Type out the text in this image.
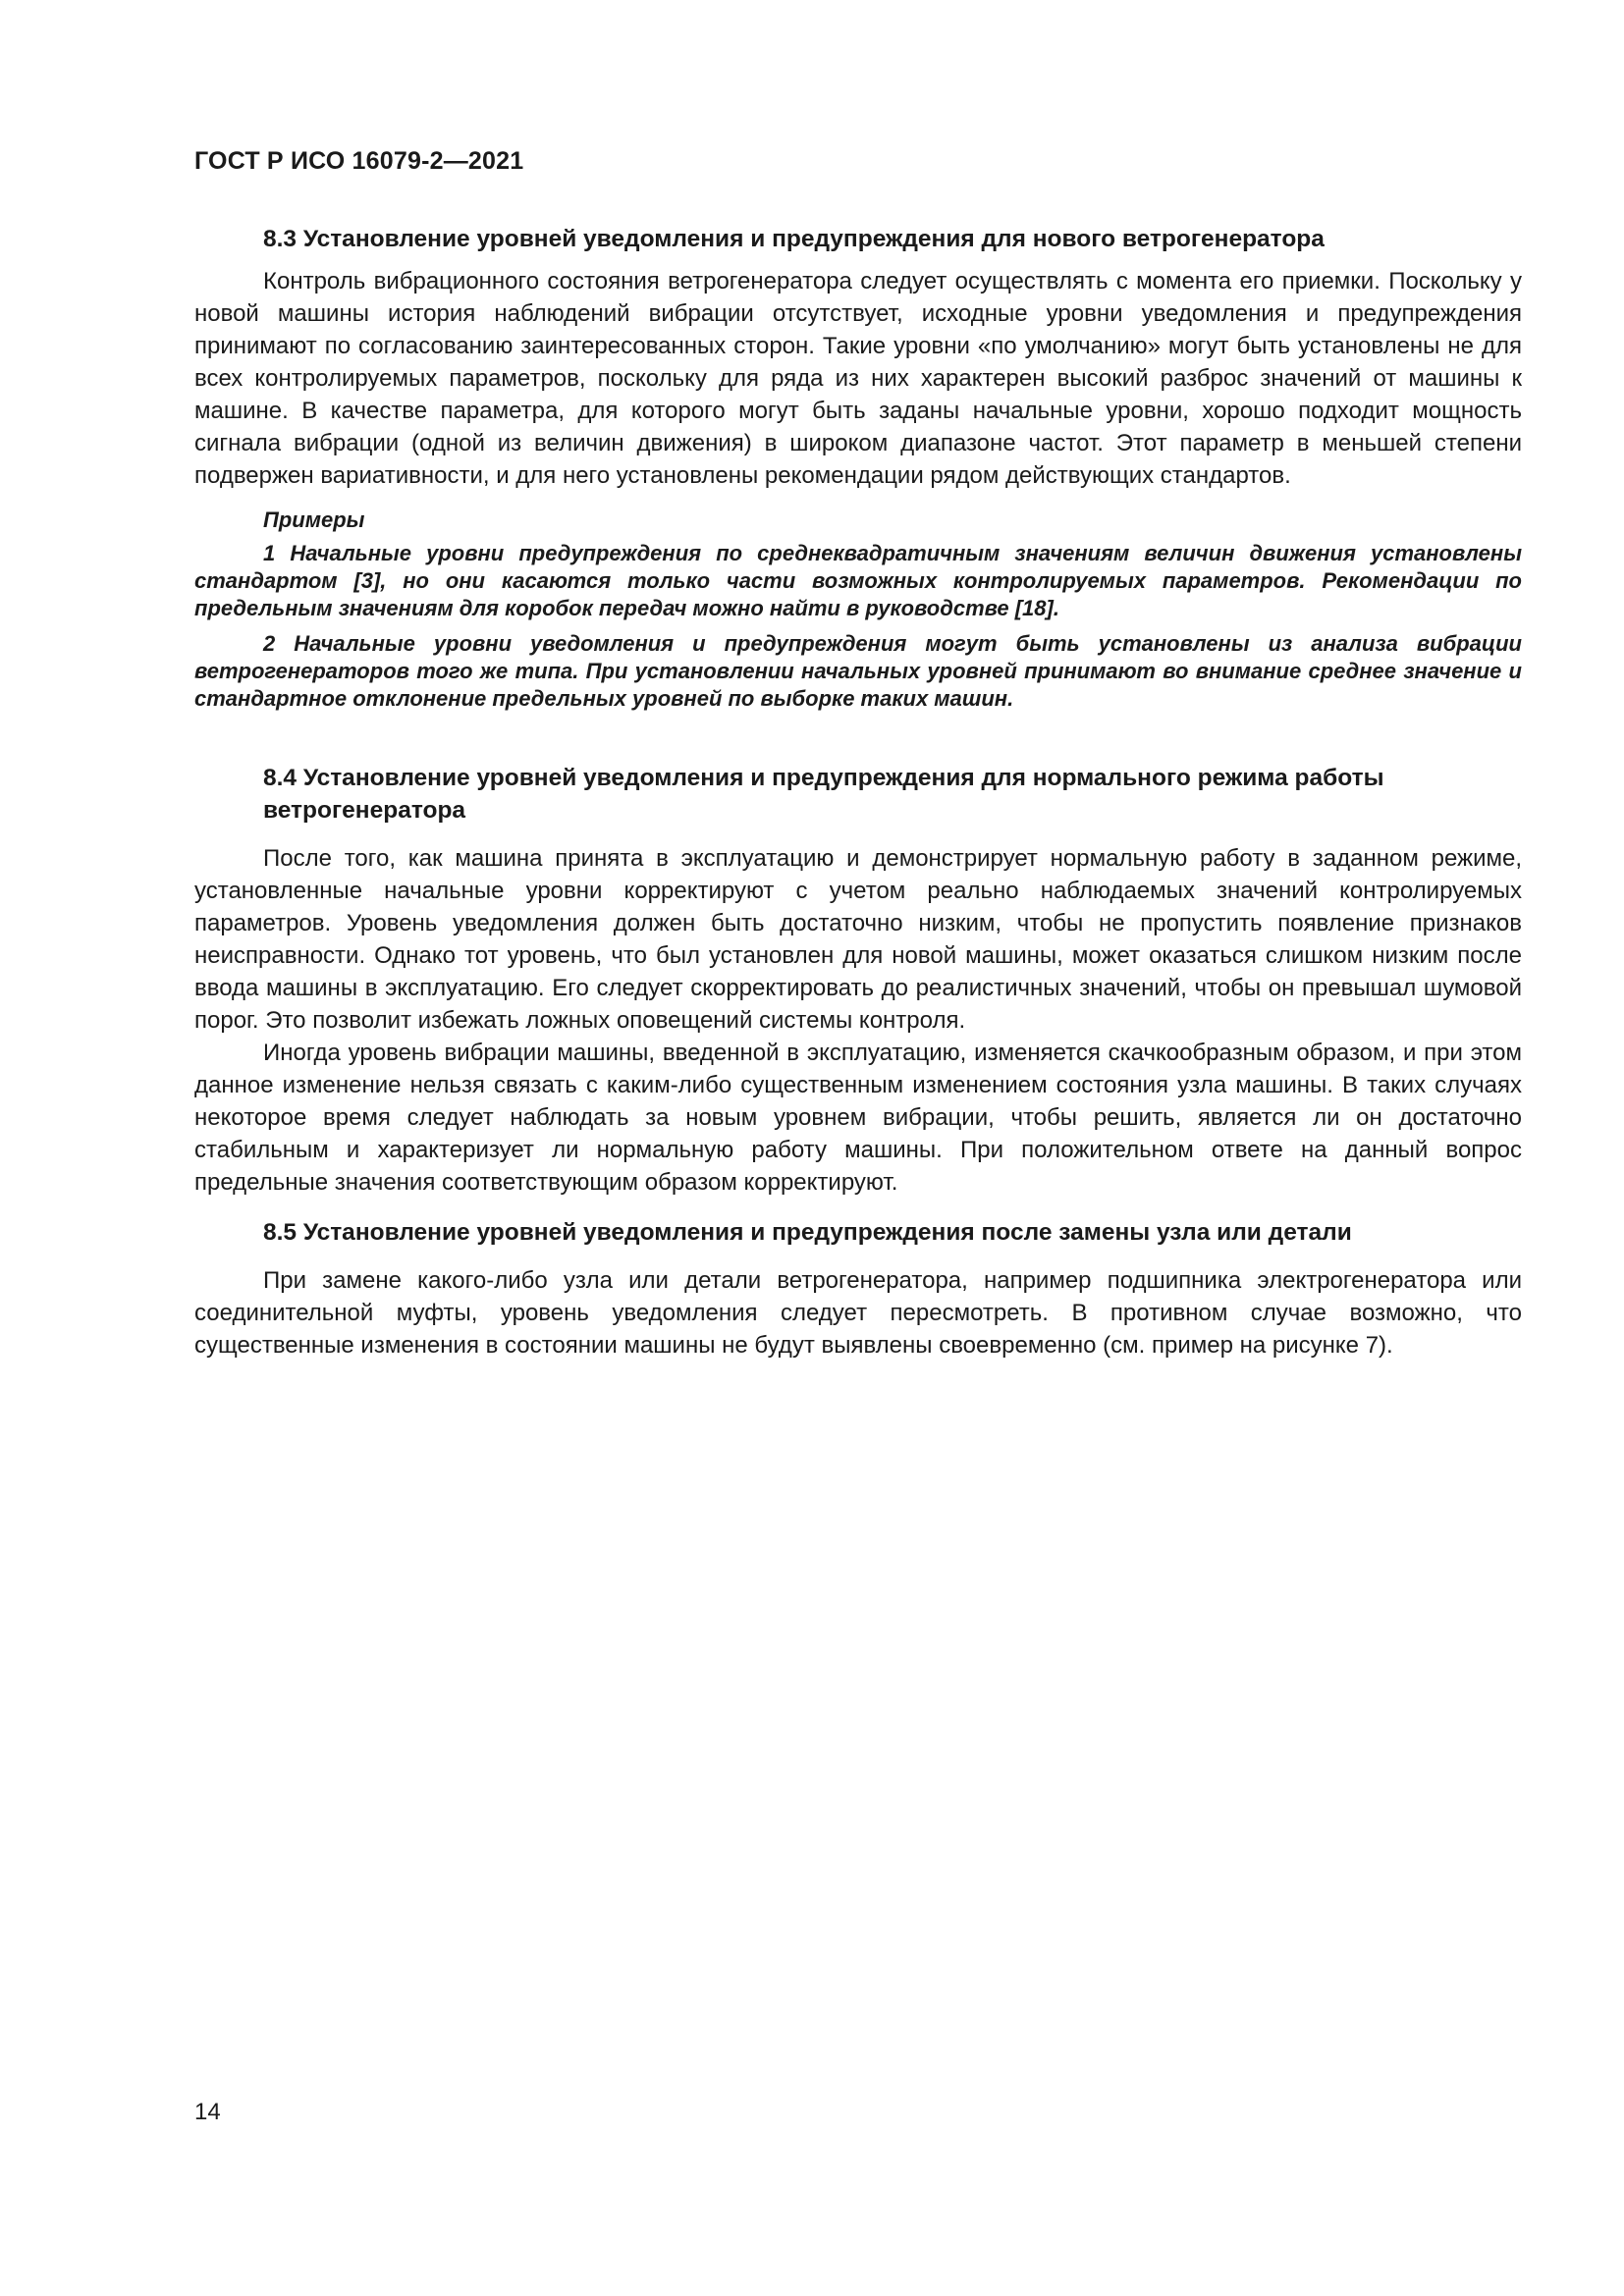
ГОСТ Р ИСО 16079-2—2021

8.3 Установление уровней уведомления и предупреждения для нового ветрогенератора

Контроль вибрационного состояния ветрогенератора следует осуществлять с момента его приемки. Поскольку у новой машины история наблюдений вибрации отсутствует, исходные уровни уведомления и предупреждения принимают по согласованию заинтересованных сторон. Такие уровни «по умолчанию» могут быть установлены не для всех контролируемых параметров, поскольку для ряда из них характерен высокий разброс значений от машины к машине. В качестве параметра, для которого могут быть заданы начальные уровни, хорошо подходит мощность сигнала вибрации (одной из величин движения) в широком диапазоне частот. Этот параметр в меньшей степени подвержен вариативности, и для него установлены рекомендации рядом действующих стандартов.

Примеры

1 Начальные уровни предупреждения по среднеквадратичным значениям величин движения установлены стандартом [3], но они касаются только части возможных контролируемых параметров. Рекомендации по предельным значениям для коробок передач можно найти в руководстве [18].

2 Начальные уровни уведомления и предупреждения могут быть установлены из анализа вибрации ветрогенераторов того же типа. При установлении начальных уровней принимают во внимание среднее значение и стандартное отклонение предельных уровней по выборке таких машин.

8.4 Установление уровней уведомления и предупреждения для нормального режима работы ветрогенератора

После того, как машина принята в эксплуатацию и демонстрирует нормальную работу в заданном режиме, установленные начальные уровни корректируют с учетом реально наблюдаемых значений контролируемых параметров. Уровень уведомления должен быть достаточно низким, чтобы не пропустить появление признаков неисправности. Однако тот уровень, что был установлен для новой машины, может оказаться слишком низким после ввода машины в эксплуатацию. Его следует скорректировать до реалистичных значений, чтобы он превышал шумовой порог. Это позволит избежать ложных оповещений системы контроля.

Иногда уровень вибрации машины, введенной в эксплуатацию, изменяется скачкообразным образом, и при этом данное изменение нельзя связать с каким-либо существенным изменением состояния узла машины. В таких случаях некоторое время следует наблюдать за новым уровнем вибрации, чтобы решить, является ли он достаточно стабильным и характеризует ли нормальную работу машины. При положительном ответе на данный вопрос предельные значения соответствующим образом корректируют.

8.5 Установление уровней уведомления и предупреждения после замены узла или детали

При замене какого-либо узла или детали ветрогенератора, например подшипника электрогенератора или соединительной муфты, уровень уведомления следует пересмотреть. В противном случае возможно, что существенные изменения в состоянии машины не будут выявлены своевременно (см. пример на рисунке 7).

14
